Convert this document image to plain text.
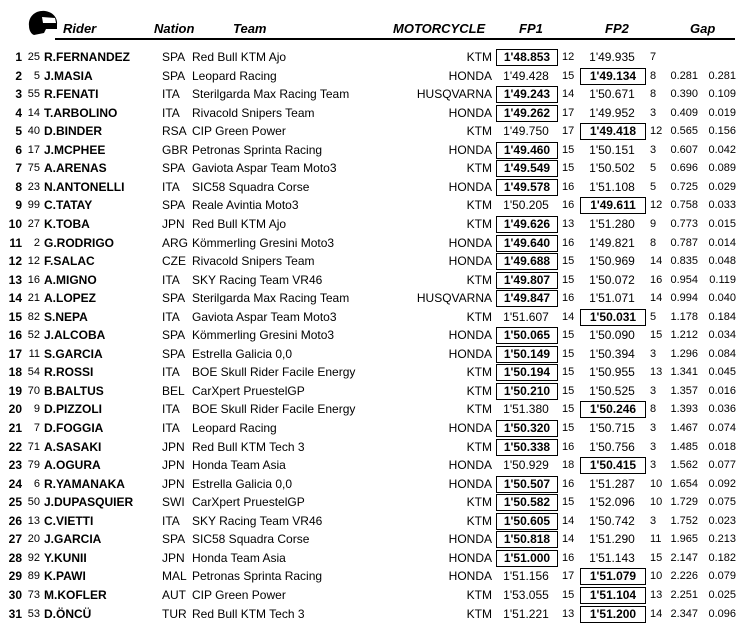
Rider	Nation	Team	MOTORCYCLE	FP1	FP2	Gap
1 25 R.FERNANDEZ	SPA Red Bull KTM Ajo	KTM 1'48.853	12	1'49.935	7
2 5 J.MASIA	SPA Leopard Racing	HONDA 1'49.428	15	1'49.134	8 0.281 0.281
3 55 R.FENATI	ITA Sterilgarda Max Racing Team	HUSQVARNA 1'49.243	14	1'50.671	8 0.390 0.109
4 14 T.ARBOLINO	ITA Rivacold Snipers Team	HONDA 1'49.262	17	1'49.952	3 0.409 0.019
5 40 D.BINDER	RSA CIP Green Power	KTM 1'49.750	17	1'49.418	12 0.565 0.156
6 17 J.MCPHEE	GBR Petronas Sprinta Racing	HONDA 1'49.460	15	1'50.151	3 0.607 0.042
7 75 A.ARENAS	SPA Gaviota Aspar Team Moto3	KTM 1'49.549	15	1'50.502	5 0.696 0.089
8 23 N.ANTONELLI	ITA SIC58 Squadra Corse	HONDA 1'49.578	16	1'51.108	5 0.725 0.029
9 99 C.TATAY	SPA Reale Avintia Moto3	KTM 1'50.205	16	1'49.611	12 0.758 0.033
10 27 K.TOBA	JPN Red Bull KTM Ajo	KTM 1'49.626	13	1'51.280	9 0.773 0.015
11 2 G.RODRIGO	ARG Kömmerling Gresini Moto3	HONDA 1'49.640	16	1'49.821	8 0.787 0.014
12 12 F.SALAC	CZE Rivacold Snipers Team	HONDA 1'49.688	15	1'50.969	14 0.835 0.048
13 16 A.MIGNO	ITA SKY Racing Team VR46	KTM 1'49.807	15	1'50.072	16 0.954 0.119
14 21 A.LOPEZ	SPA Sterilgarda Max Racing Team	HUSQVARNA 1'49.847	16	1'51.071	14 0.994 0.040
15 82 S.NEPA	ITA Gaviota Aspar Team Moto3	KTM 1'51.607	14	1'50.031	5 1.178 0.184
16 52 J.ALCOBA	SPA Kömmerling Gresini Moto3	HONDA 1'50.065	15	1'50.090	15 1.212 0.034
17 11 S.GARCIA	SPA Estrella Galicia 0,0	HONDA 1'50.149	15	1'50.394	3 1.296 0.084
18 54 R.ROSSI	ITA BOE Skull Rider Facile Energy	KTM 1'50.194	15	1'50.955	13 1.341 0.045
19 70 B.BALTUS	BEL CarXpert PruestelGP	KTM 1'50.210	15	1'50.525	3 1.357 0.016
20 9 D.PIZZOLI	ITA BOE Skull Rider Facile Energy	KTM 1'51.380	15	1'50.246	8 1.393 0.036
21 7 D.FOGGIA	ITA Leopard Racing	HONDA 1'50.320	15	1'50.715	3 1.467 0.074
22 71 A.SASAKI	JPN Red Bull KTM Tech 3	KTM 1'50.338	16	1'50.756	3 1.485 0.018
23 79 A.OGURA	JPN Honda Team Asia	HONDA 1'50.929	18	1'50.415	3 1.562 0.077
24 6 R.YAMANAKA	JPN Estrella Galicia 0,0	HONDA 1'50.507	16	1'51.287	10 1.654 0.092
25 50 J.DUPASQUIER SWI CarXpert PruestelGP	KTM 1'50.582	15	1'52.096	10 1.729 0.075
26 13 C.VIETTI	ITA SKY Racing Team VR46	KTM 1'50.605	14	1'50.742	3 1.752 0.023
27 20 J.GARCIA	SPA SIC58 Squadra Corse	HONDA 1'50.818	14	1'51.290	11 1.965 0.213
28 92 Y.KUNII	JPN Honda Team Asia	HONDA 1'51.000	16	1'51.143	15 2.147 0.182
29 89 K.PAWI	MAL Petronas Sprinta Racing	HONDA 1'51.156	17	1'51.079	10 2.226 0.079
30 73 M.KOFLER	AUT CIP Green Power	KTM 1'53.055	15	1'51.104	13 2.251 0.025
31 53 D.ÖNCÜ	TUR Red Bull KTM Tech 3	KTM 1'51.221	13	1'51.200	14 2.347 0.096
